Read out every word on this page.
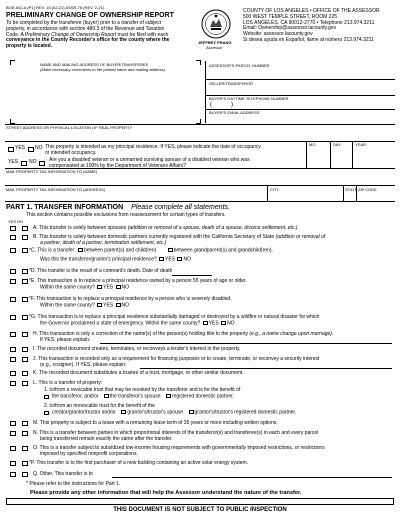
BOE-502-A (P1) REV. 15 (02-21) ASSR-75 (REV. 2-21)
PRELIMINARY CHANGE OF OWNERSHIP REPORT
To be completed by the transferee (buyer) prior to a transfer of subject
property, in accordance with section 480.3 of the Revenue and Taxation
Code. A Preliminary Change of Ownership Report must be filed with each
conveyance in the County Recorder's office for the county where the
property is located.
JEFFREY PRANG
Assessor
COUNTY OF LOS ANGELES • OFFICE OF THE ASSESSOR
500 WEST TEMPLE STREET, ROOM 225
LOS ANGELES, CA 90012-2770 • Telephone 213.974.3211
Email: Ownership@assessor.lacounty.gov
Website: assessor.lacounty.gov
Si desea ayuda en Español, llame al número 213.974.3211
NAME AND MAILING ADDRESS OF BUYER/TRANSFEREE
(Make necessary corrections to the printed name and mailing address)
ASSESSOR'S PARCEL NUMBER
SELLER/TRANSFEROR
BUYER'S DAYTIME TELEPHONE NUMBER
(	)
BUYER'S EMAIL ADDRESS
STREET ADDRESS OR PHYSICAL LOCATION OF REAL PROPERTY
YES NO This property is intended as my principal residence. If YES, please indicate the date of occupancy
or intended occupancy.
MO	DAY	YEAR
YES NO	Are you a disabled veteran or a unmarried surviving spouse of a disabled veteran who was
compensated at 100% by the Department of Veterans Affairs?
MAIL PROPERTY TAX INFORMATION TO (NAME)
MAIL PROPERTY TAX INFORMATION TO (ADDRESS)	CITY	STATE ZIP CODE
PART 1. TRANSFER INFORMATION Please complete all statements.
This section contains possible exclusions from reassessment for certain types of transfers.
YES NO
A. This transfer is solely between spouses (addition or removal of a spouse, death of a spouse, divorce settlement, etc.)
B. This transfer is solely between domestic partners currently registered with the California Secretary of State (addition or removal of
a partner, death of a partner, termination settlement, etc.)
*C. This is a transfer: between parent(s) and child(ren)	between grandparent(s) and grandchild(ren).
Was this the transferor/grantor's principal residence? YES NO
*D. This transfer is the result of a cotenant's death. Date of death
*E. This transaction is to replace a principal residence owned by a person 55 years of age or older.
Within the same county? YES NO
*F. This transaction is to replace a principal residence by a person who is severely disabled.
Within the same county? YES NO
*G. This transaction is to replace a principal residence substantially damaged or destroyed by a wildfire or natural disaster for which
the Governor proclaimed a state of emergency. Within the same county? YES NO
H. This transaction is only a correction of the name(s) of the person(s) holding title to the property (e.g., a name change upon marriage).
If YES, please explain:
I. The recorded document creates, terminates, or reconveys a lender's interest in the property.
J. This transaction is recorded only as a requirement for financing purposes or to create, terminate, or reconvey a security interest
(e.g., cosigner). If YES, please explain:
K. The recorded document substitutes a trustee of a trust, mortgage, or other similar document.
L. This is a transfer of property:
1. to/from a revocable trust that may be revoked by the transferor and is for the benefit of
the transferor, and/or the transferor's spouse registered domestic partner.
2. to/from an irrevocable trust for the benefit of the
creator/grantor/trustor and/or grantor's/trustor's spouse grantor's/trustor's registered domestic partner.
M. This property is subject to a lease with a remaining lease term of 35 years or more including written options.
N. This is a transfer between parties in which proportional interests of the transferor(s) and transferee(s) in each and every parcel
being transferred remain exactly the same after the transfer.
O. This is a transfer subject to subsidized low-income housing requirements with governmentally imposed restrictions, or restrictions
imposed by specified nonprofit corporations.
*P. This transfer is to the first purchaser of a new building containing an active solar energy system.
Q. Other. This transfer is to
* Please refer to the instructions for Part 1.
Please provide any other information that will help the Assessor understand the nature of the transfer.
THIS DOCUMENT IS NOT SUBJECT TO PUBLIC INSPECTION
